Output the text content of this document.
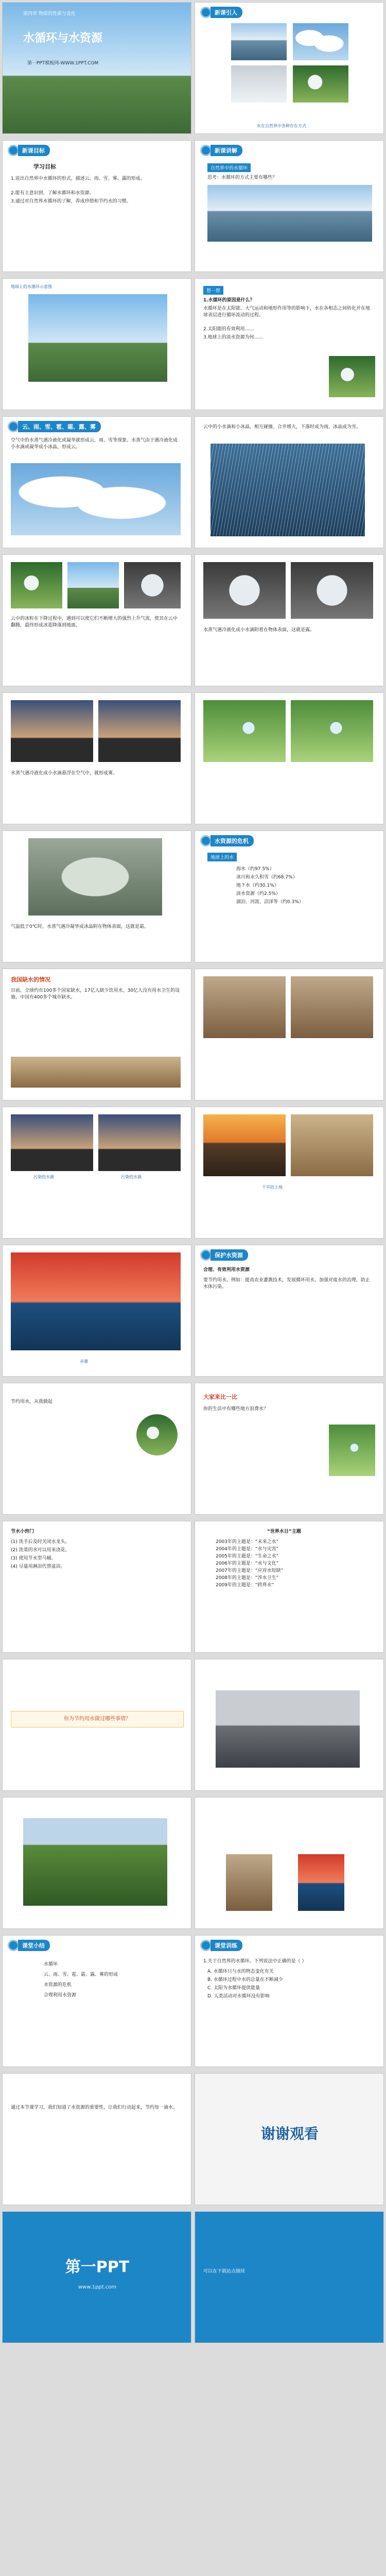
第四章 物质的性质与变化
水循环与水资源
第一PPT模板网-WWW.1PPT.COM
新课引入
水在自然界中各种存在方式
新课目标
学习目标
1.说出自然界中水循环的形式，描述云、雨、雪、雾、露的形成。
2.能有主意识到，了解水循环和水资源。
3.通过对自然界水循环的了解，养成珍惜和节约水的习惯。
新课讲解
自然界中的水循环
思考：水循环的方式主要有哪些？
地球上的水循环示意图
想一想
1.水循环的原因是什么？
水循环是在太阳能、大气运动和地形作用等的影响下，水在各相态之间转化并在地球表层进行循环流动的过程。
2.太阳能的有效利用……
3.地球上的淡水资源为何……
云、雨、雪、雹、霜、露、雾
空气中的水蒸气遇冷液化或凝华就形成云、雨、雪等现象。水蒸气由于遇冷液化成小水滴或凝华成小冰晶，形成云。
云中的小水滴和小冰晶，相互碰撞、合并增大，下落时成为雨，冰晶成为雪。
云中的冰粒在下降过程中，遇到可以使它们不断增大的强烈上升气流，使其在云中翻腾，最终形成冰雹降落到地面。
水蒸气遇冷液化成小水滴附着在物体表面，这就是露。
水蒸气遇冷液化成小水滴悬浮在空气中，就形成雾。
气温低于0℃时，水蒸气遇冷凝华成冰晶附在物体表面，这就是霜。
水资源的危机
地球上的水
海水（约97.5%）
冰川和永久积雪（约68.7%）
地下水（约30.1%）
淡水资源（约2.5%）
湖泊、河流、沼泽等（约0.3%）
我国缺水的情况
目前，全球约有100多个国家缺水，17亿人缺少饮用水，30亿人没有用水卫生的设施，中国有400多个城市缺水。
污染的水源	污染的水源
干旱的土地
赤潮
保护水资源
合理、有效利用水资源
要节约用水，例如：提高农业灌溉技术，发展循环用水，加强对废水的治理，防止水体污染。
节约用水，从我做起
大家来比一比
你的生活中有哪些地方浪费水？
节水小窍门
(1) 洗手后及时关闭水龙头。
(2) 洗菜的水可以用来浇花。
(3) 使用节水型马桶。
(4) 尽量用淋浴代替盆浴。
“世界水日”主题
2003年的主题是：“未来之水”
2004年的主题是：“水与灾害”
2005年的主题是：“生命之水”
2006年的主题是：“水与文化”
2007年的主题是：“应对水短缺”
2008年的主题是：“涉水卫生”
2009年的主题是：“跨界水”
你为节约用水做过哪些事情？
课堂小结
水循环
云、雨、雪、雹、霜、露、雾的形成
水资源的危机
合理利用水资源
课堂训练
1.关于自然界的水循环，下列说法中正确的是（ ）
A. 水循环只与水的物态变化有关
B. 水循环过程中水的总量在不断减少
C. 太阳为水循环提供能量
D. 人类活动对水循环没有影响
通过本节课学习，我们知道了水资源的重要性，让我们行动起来，节约每一滴水。
谢谢观看
第一PPT
www.1ppt.com
可以在下载站点继续
